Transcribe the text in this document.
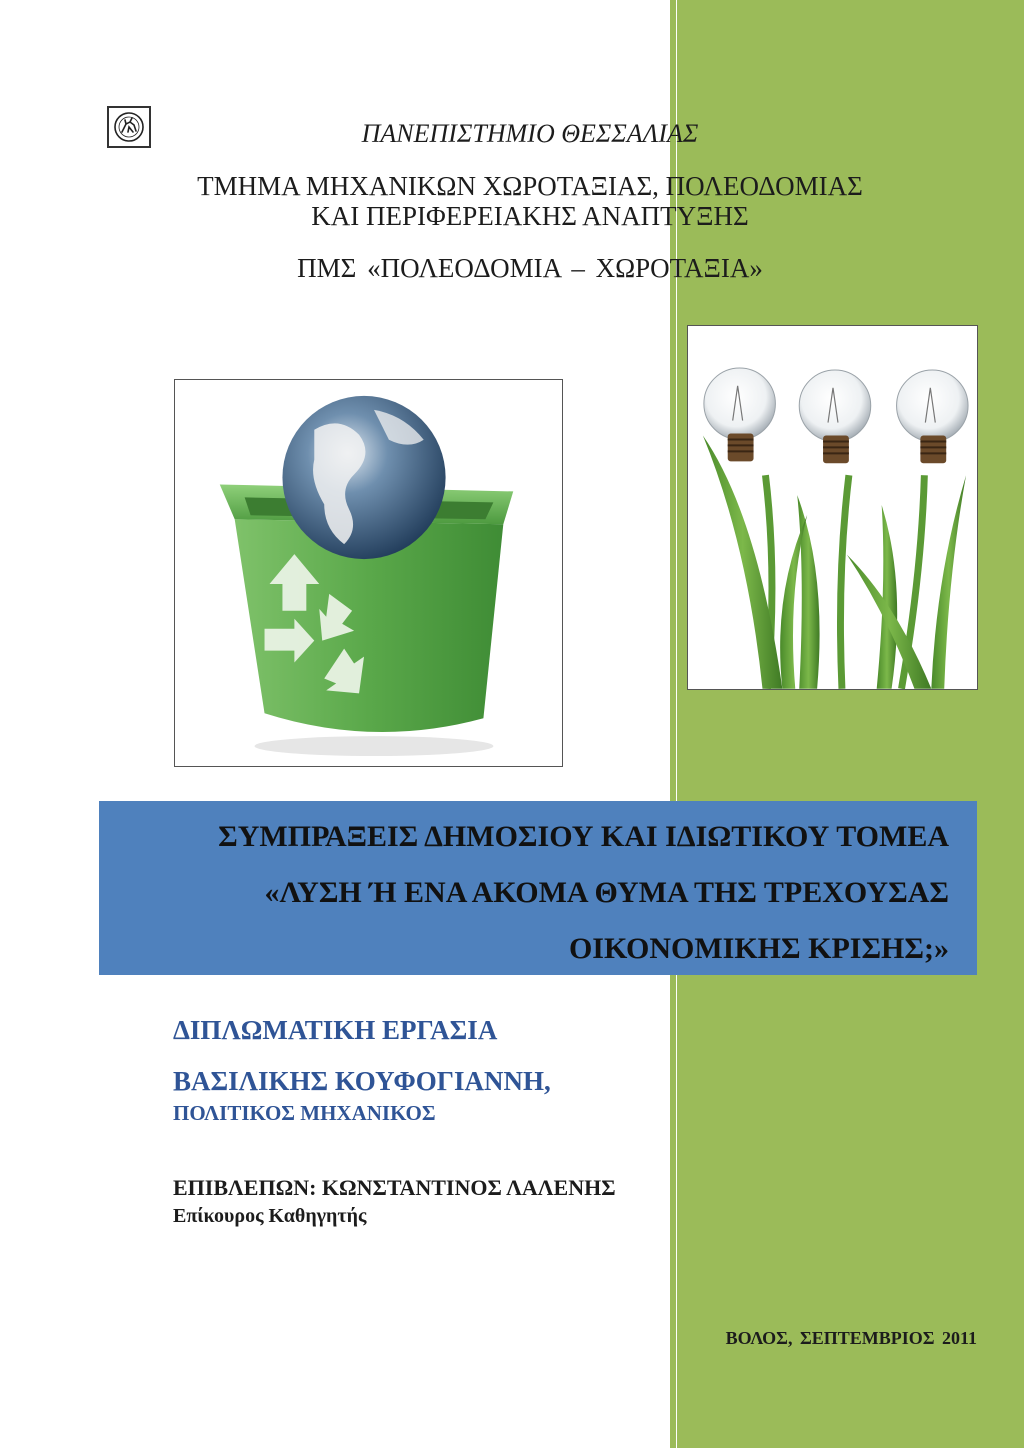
ΠΑΝΕΠΙΣΤΗΜΙΟ ΘΕΣΣΑΛΙΑΣ
ΤΜΗΜΑ ΜΗΧΑΝΙΚΩΝ ΧΩΡΟΤΑΞΙΑΣ, ΠΟΛΕΟΔΟΜΙΑΣ
ΚΑΙ ΠΕΡΙΦΕΡΕΙΑΚΗΣ ΑΝΑΠΤΥΞΗΣ
ΠΜΣ «ΠΟΛΕΟΔΟΜΙΑ – ΧΩΡΟΤΑΞΙΑ»
ΣΥΜΠΡΑΞΕΙΣ ΔΗΜΟΣΙΟΥ ΚΑΙ ΙΔΙΩΤΙΚΟΥ ΤΟΜΕΑ
«ΛΥΣΗ Ή ΕΝΑ ΑΚΟΜΑ ΘΥΜΑ ΤΗΣ ΤΡΕΧΟΥΣΑΣ
ΟΙΚΟΝΟΜΙΚΗΣ ΚΡΙΣΗΣ;»
ΔΙΠΛΩΜΑΤΙΚΗ ΕΡΓΑΣΙΑ
ΒΑΣΙΛΙΚΗΣ ΚΟΥΦΟΓΙΑΝΝΗ,
ΠΟΛΙΤΙΚΟΣ ΜΗΧΑΝΙΚΟΣ
ΕΠΙΒΛΕΠΩΝ: ΚΩΝΣΤΑΝΤΙΝΟΣ ΛΑΛΕΝΗΣ
Επίκουρος Καθηγητής
ΒΟΛΟΣ, ΣΕΠΤΕΜΒΡΙΟΣ 2011
